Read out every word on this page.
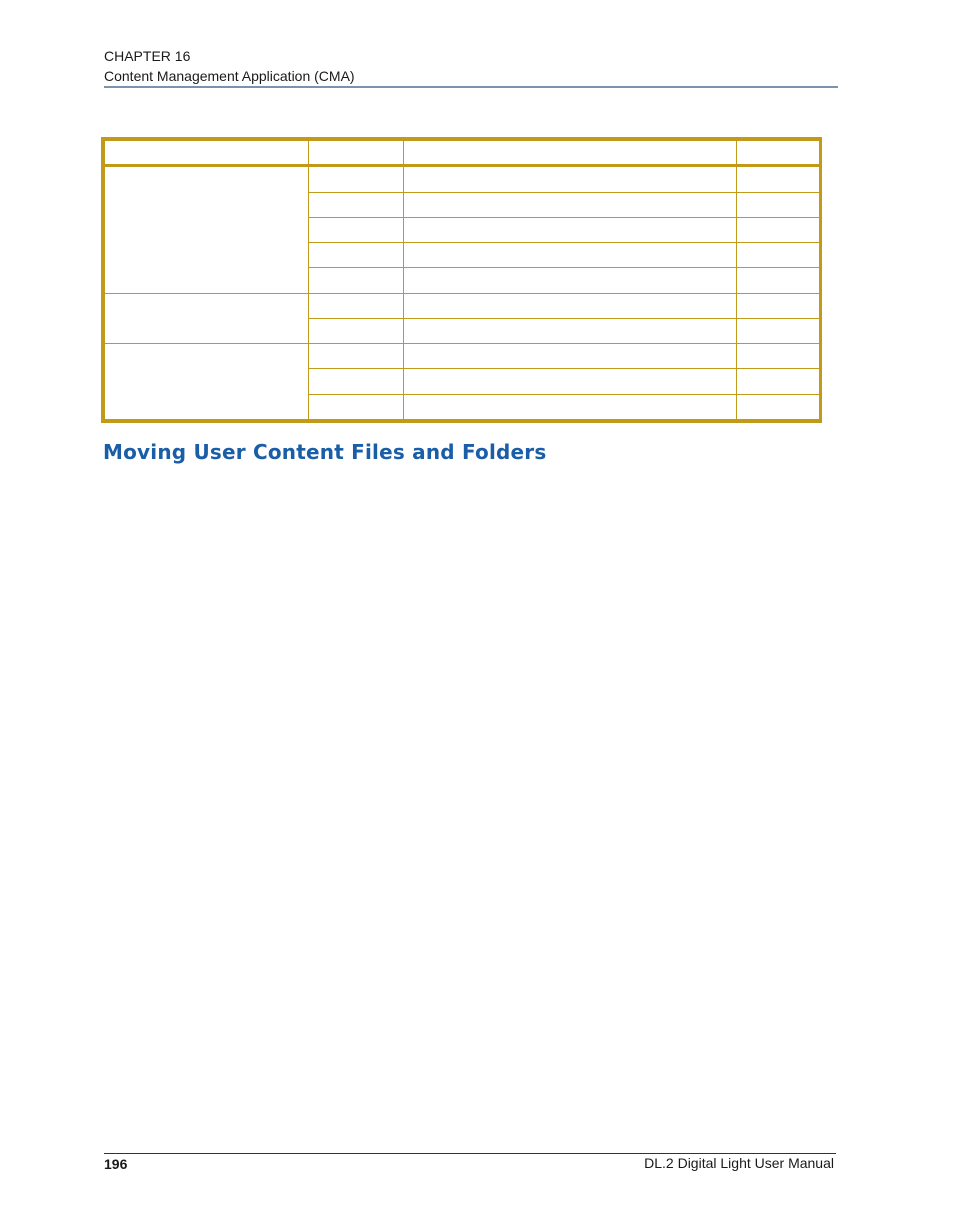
CHAPTER 16
Content Management Application (CMA)

Moving User Content Files and Folders
196	DL.2 Digital Light User Manual
